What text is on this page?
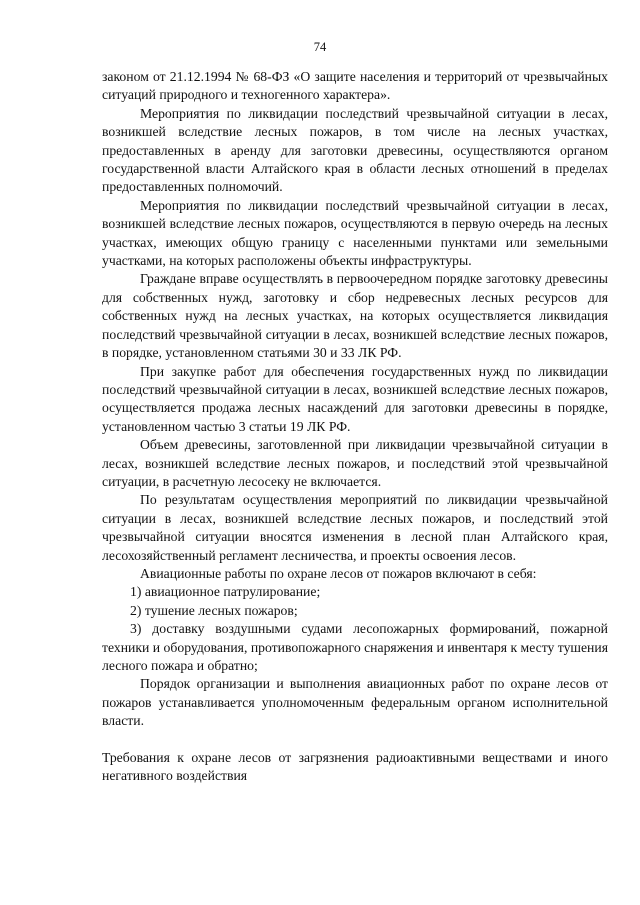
74

законом от 21.12.1994 № 68-ФЗ «О защите населения и территорий от чрезвычайных ситуаций природного и техногенного характера».

Мероприятия по ликвидации последствий чрезвычайной ситуации в лесах, возникшей вследствие лесных пожаров, в том числе на лесных участках, предоставленных в аренду для заготовки древесины, осуществляются органом государственной власти Алтайского края в области лесных отношений в пределах предоставленных полномочий.

Мероприятия по ликвидации последствий чрезвычайной ситуации в лесах, возникшей вследствие лесных пожаров, осуществляются в первую очередь на лесных участках, имеющих общую границу с населенными пунктами или земельными участками, на которых расположены объекты инфраструктуры.

Граждане вправе осуществлять в первоочередном порядке заготовку древесины для собственных нужд, заготовку и сбор недревесных лесных ресурсов для собственных нужд на лесных участках, на которых осуществляется ликвидация последствий чрезвычайной ситуации в лесах, возникшей вследствие лесных пожаров, в порядке, установленном статьями 30 и 33 ЛК РФ.

При закупке работ для обеспечения государственных нужд по ликвидации последствий чрезвычайной ситуации в лесах, возникшей вследствие лесных пожаров, осуществляется продажа лесных насаждений для заготовки древесины в порядке, установленном частью 3 статьи 19 ЛК РФ.

Объем древесины, заготовленной при ликвидации чрезвычайной ситуации в лесах, возникшей вследствие лесных пожаров, и последствий этой чрезвычайной ситуации, в расчетную лесосеку не включается.

По результатам осуществления мероприятий по ликвидации чрезвычайной ситуации в лесах, возникшей вследствие лесных пожаров, и последствий этой чрезвычайной ситуации вносятся изменения в лесной план Алтайского края, лесохозяйственный регламент лесничества, и проекты освоения лесов.

Авиационные работы по охране лесов от пожаров включают в себя:

1) авиационное патрулирование;

2) тушение лесных пожаров;

3) доставку воздушными судами лесопожарных формирований, пожарной техники и оборудования, противопожарного снаряжения и инвентаря к месту тушения лесного пожара и обратно;

Порядок организации и выполнения авиационных работ по охране лесов от пожаров устанавливается уполномоченным федеральным органом исполнительной власти.

Требования к охране лесов от загрязнения радиоактивными веществами и иного негативного воздействия
